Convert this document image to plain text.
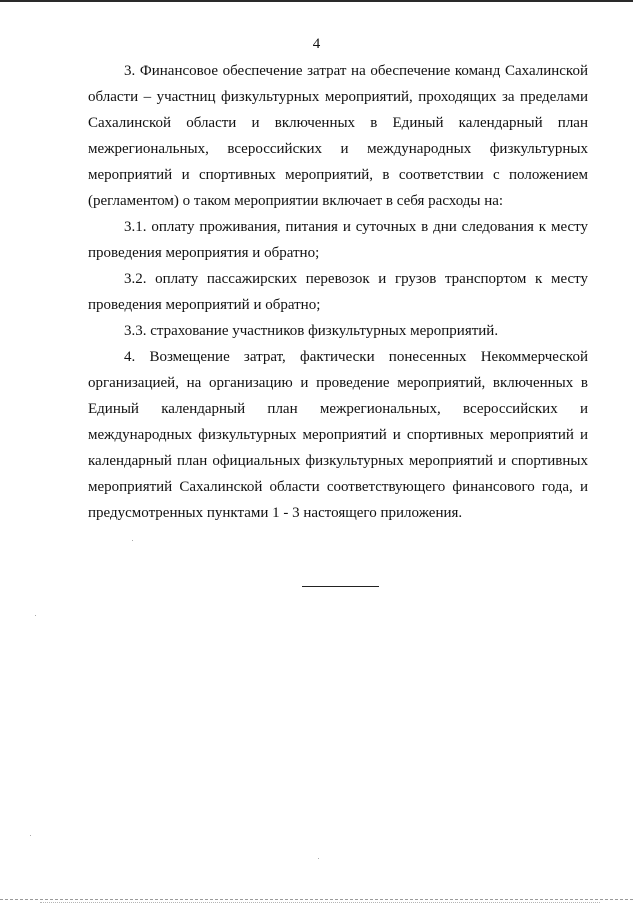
4

3. Финансовое обеспечение затрат на обеспечение команд Сахалинской области – участниц физкультурных мероприятий, проходящих за пределами Сахалинской области и включенных в Единый календарный план межрегиональных, всероссийских и международных физкультурных мероприятий и спортивных мероприятий, в соответствии с положением (регламентом) о таком мероприятии включает в себя расходы на:

3.1. оплату проживания, питания и суточных в дни следования к месту проведения мероприятия и обратно;

3.2. оплату пассажирских перевозок и грузов транспортом к месту проведения мероприятий и обратно;

3.3. страхование участников физкультурных мероприятий.

4. Возмещение затрат, фактически понесенных Некоммерческой организацией, на организацию и проведение мероприятий, включенных в Единый календарный план межрегиональных, всероссийских и международных физкультурных мероприятий и спортивных мероприятий и календарный план официальных физкультурных мероприятий и спортивных мероприятий Сахалинской области соответствующего финансового года, и предусмотренных пунктами 1 - 3 настоящего приложения.
